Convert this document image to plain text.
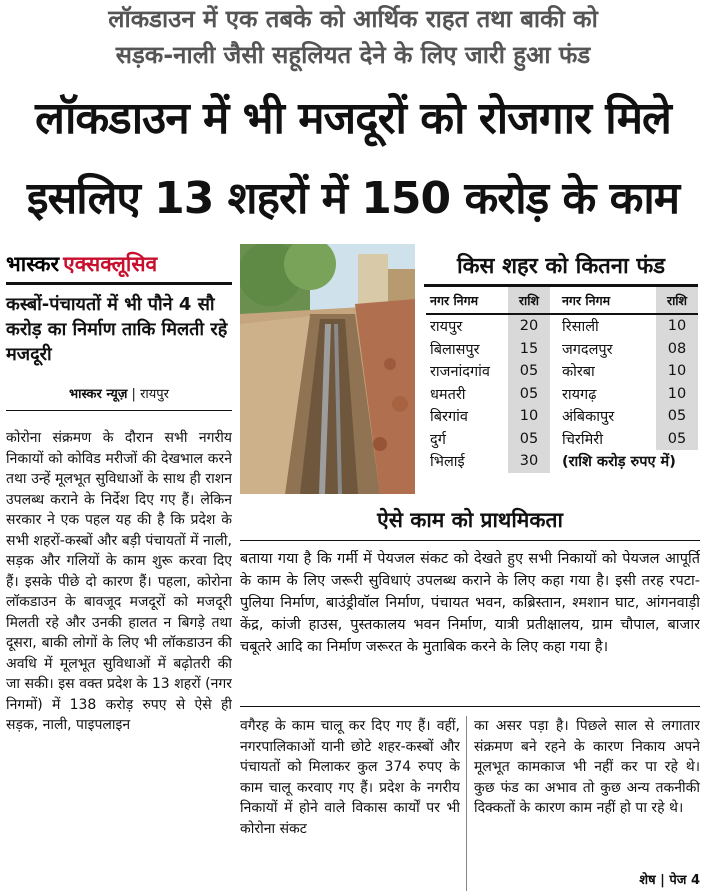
लॉकडाउन में एक तबके को आर्थिक राहत तथा बाकी को
सड़क-नाली जैसी सहूलियत देने के लिए जारी हुआ फंड
लॉकडाउन में भी मजदूरों को रोजगार मिले
इसलिए 13 शहरों में 150 करोड़ के काम
भास्कर एक्सक्लूसिव
कस्बों-पंचायतों में भी पौने 4 सौ करोड़ का निर्माण ताकि मिलती रहे मजदूरी
भास्कर न्यूज़ | रायपुर
कोरोना संक्रमण के दौरान सभी नगरीय निकायों को कोविड मरीजों की देखभाल करने तथा उन्हें मूलभूत सुविधाओं के साथ ही राशन उपलब्ध कराने के निर्देश दिए गए हैं। लेकिन सरकार ने एक पहल यह की है कि प्रदेश के सभी शहरों-कस्बों और बड़ी पंचायतों में नाली, सड़क और गलियों के काम शुरू करवा दिए हैं। इसके पीछे दो कारण हैं। पहला, कोरोना लॉकडाउन के बावजूद मजदूरों को मजदूरी मिलती रहे और उनकी हालत न बिगड़े तथा दूसरा, बाकी लोगों के लिए भी लॉकडाउन की अवधि में मूलभूत सुविधाओं में बढ़ोतरी की जा सकी। इस वक्त प्रदेश के 13 शहरों (नगर निगमों) में 138 करोड़ रुपए से ऐसे ही सड़क, नाली, पाइपलाइन
किस शहर को कितना फंड
नगर निगम	राशि	नगर निगम	राशि
रायपुर	20	रिसाली	10
बिलासपुर	15	जगदलपुर	08
राजनांदगांव	05	कोरबा	10
धमतरी	05	रायगढ़	10
बिरगांव	10	अंबिकापुर	05
दुर्ग	05	चिरमिरी	05
भिलाई	30	(राशि करोड़ रुपए में)	
ऐसे काम को प्राथमिकता
बताया गया है कि गर्मी में पेयजल संकट को देखते हुए सभी निकायों को पेयजल आपूर्ति के काम के लिए जरूरी सुविधाएं उपलब्ध कराने के लिए कहा गया है। इसी तरह रपटा-पुलिया निर्माण, बाउंड्रीवॉल निर्माण, पंचायत भवन, कब्रिस्तान, श्मशान घाट, आंगनवाड़ी केंद्र, कांजी हाउस, पुस्तकालय भवन निर्माण, यात्री प्रतीक्षालय, ग्राम चौपाल, बाजार चबूतरे आदि का निर्माण जरूरत के मुताबिक करने के लिए कहा गया है।
वगैरह के काम चालू कर दिए गए हैं। वहीं, नगरपालिकाओं यानी छोटे शहर-कस्बों और पंचायतों को मिलाकर कुल 374 रुपए के काम चालू करवाए गए हैं। प्रदेश के नगरीय निकायों में होने वाले विकास कार्यों पर भी कोरोना संकट
का असर पड़ा है। पिछले साल से लगातार संक्रमण बने रहने के कारण निकाय अपने मूलभूत कामकाज भी नहीं कर पा रहे थे। कुछ फंड का अभाव तो कुछ अन्य तकनीकी दिक्कतों के कारण काम नहीं हो पा रहे थे।
शेष | पेज 4
